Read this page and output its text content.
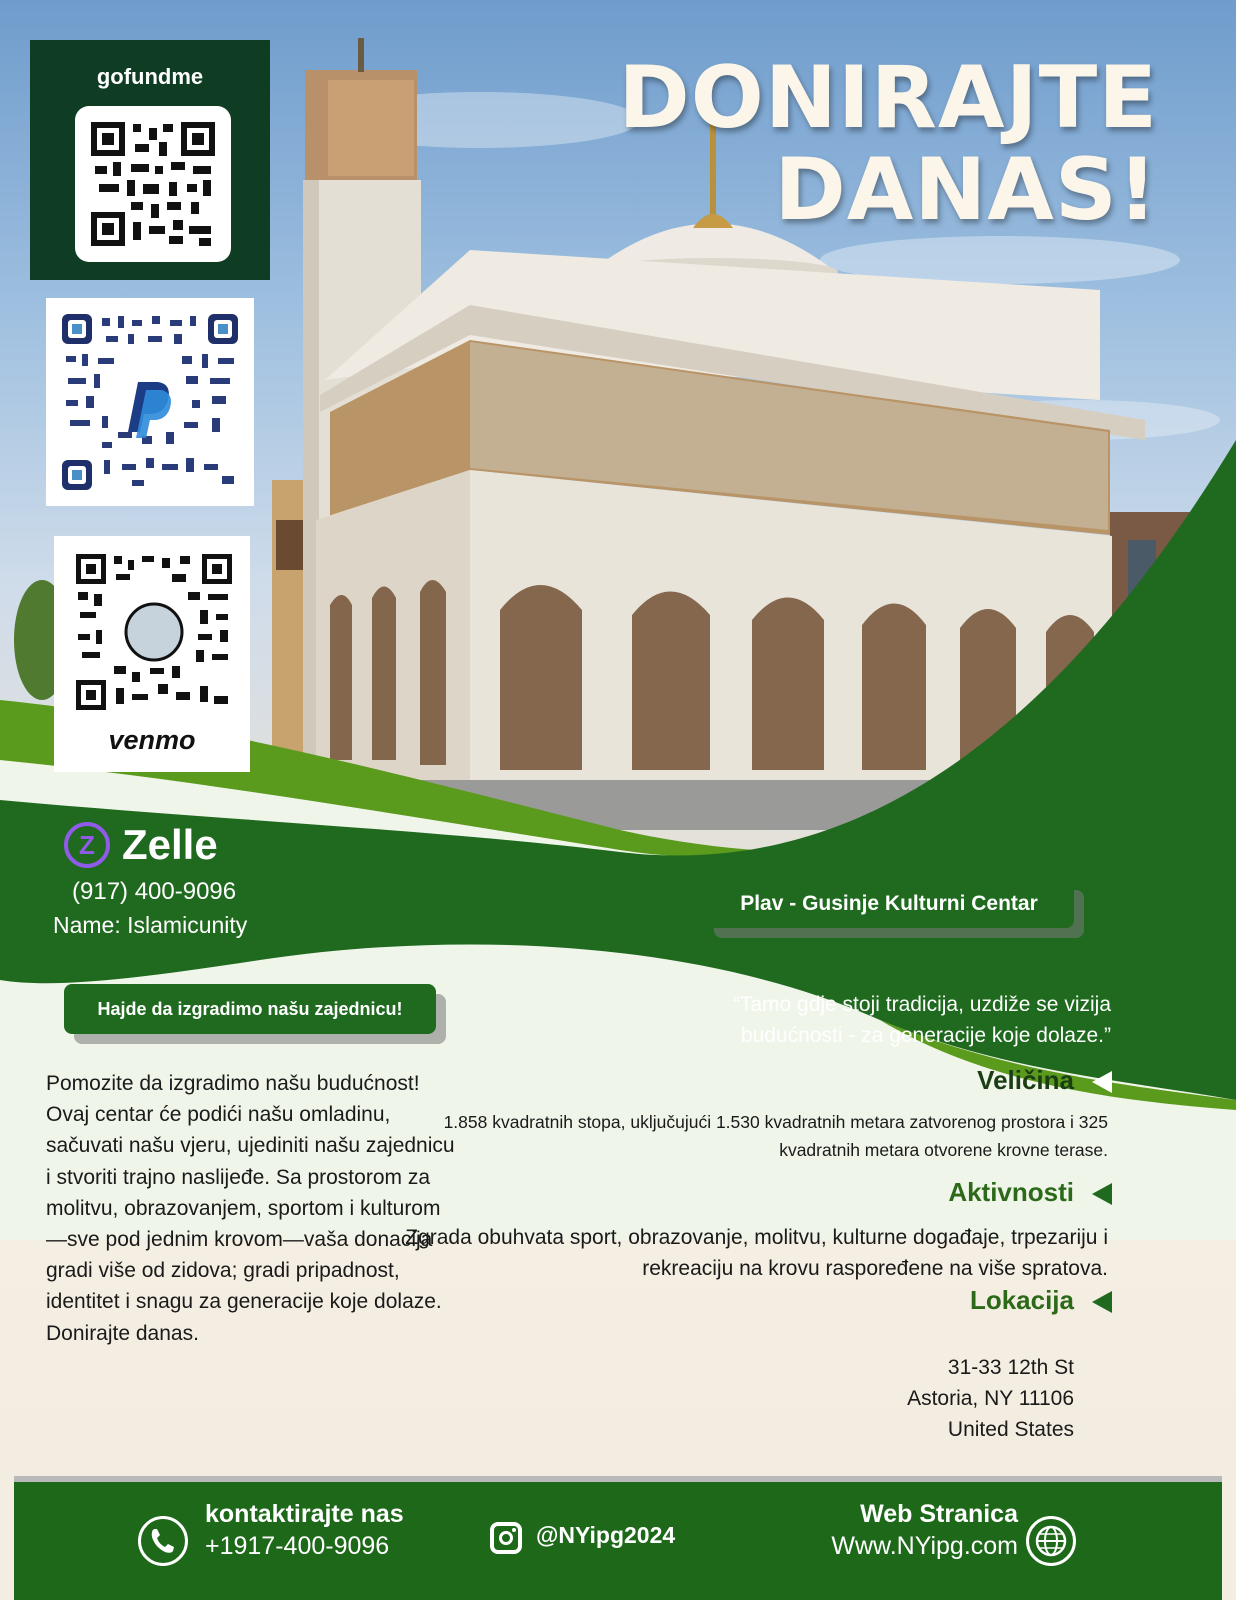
DONIRAJTE
DANAS!
gofundme
venmo
Z Zelle
(917) 400-9096
Name: Islamicunity
Plav - Gusinje Kulturni Centar
Hajde da izgradimo našu zajednicu!	“Tamo gdje stoji tradicija, uzdiže se vizija budućnosti - za generacije koje dolaze.”
Pomozite da izgradimo našu budućnost! Ovaj centar će podići našu omladinu, sačuvati našu vjeru, ujediniti našu zajednicu i stvoriti trajno naslijeđe. Sa prostorom za molitvu, obrazovanjem, sportom i kulturom—sve pod jednim krovom—vaša donacija gradi više od zidova; gradi pripadnost, identitet i snagu za generacije koje dolaze. Donirajte danas.
Veličina
1.858 kvadratnih stopa, uključujući 1.530 kvadratnih metara zatvorenog prostora i 325 kvadratnih metara otvorene krovne terase.
Aktivnosti
Zgrada obuhvata sport, obrazovanje, molitvu, kulturne događaje, trpezariju i rekreaciju na krovu raspoređene na više spratova.
Lokacija
31-33 12th St
Astoria, NY 11106
United States
kontaktirajte nas
+1917-400-9096	@NYipg2024
Web Stranica
Www.NYipg.com
